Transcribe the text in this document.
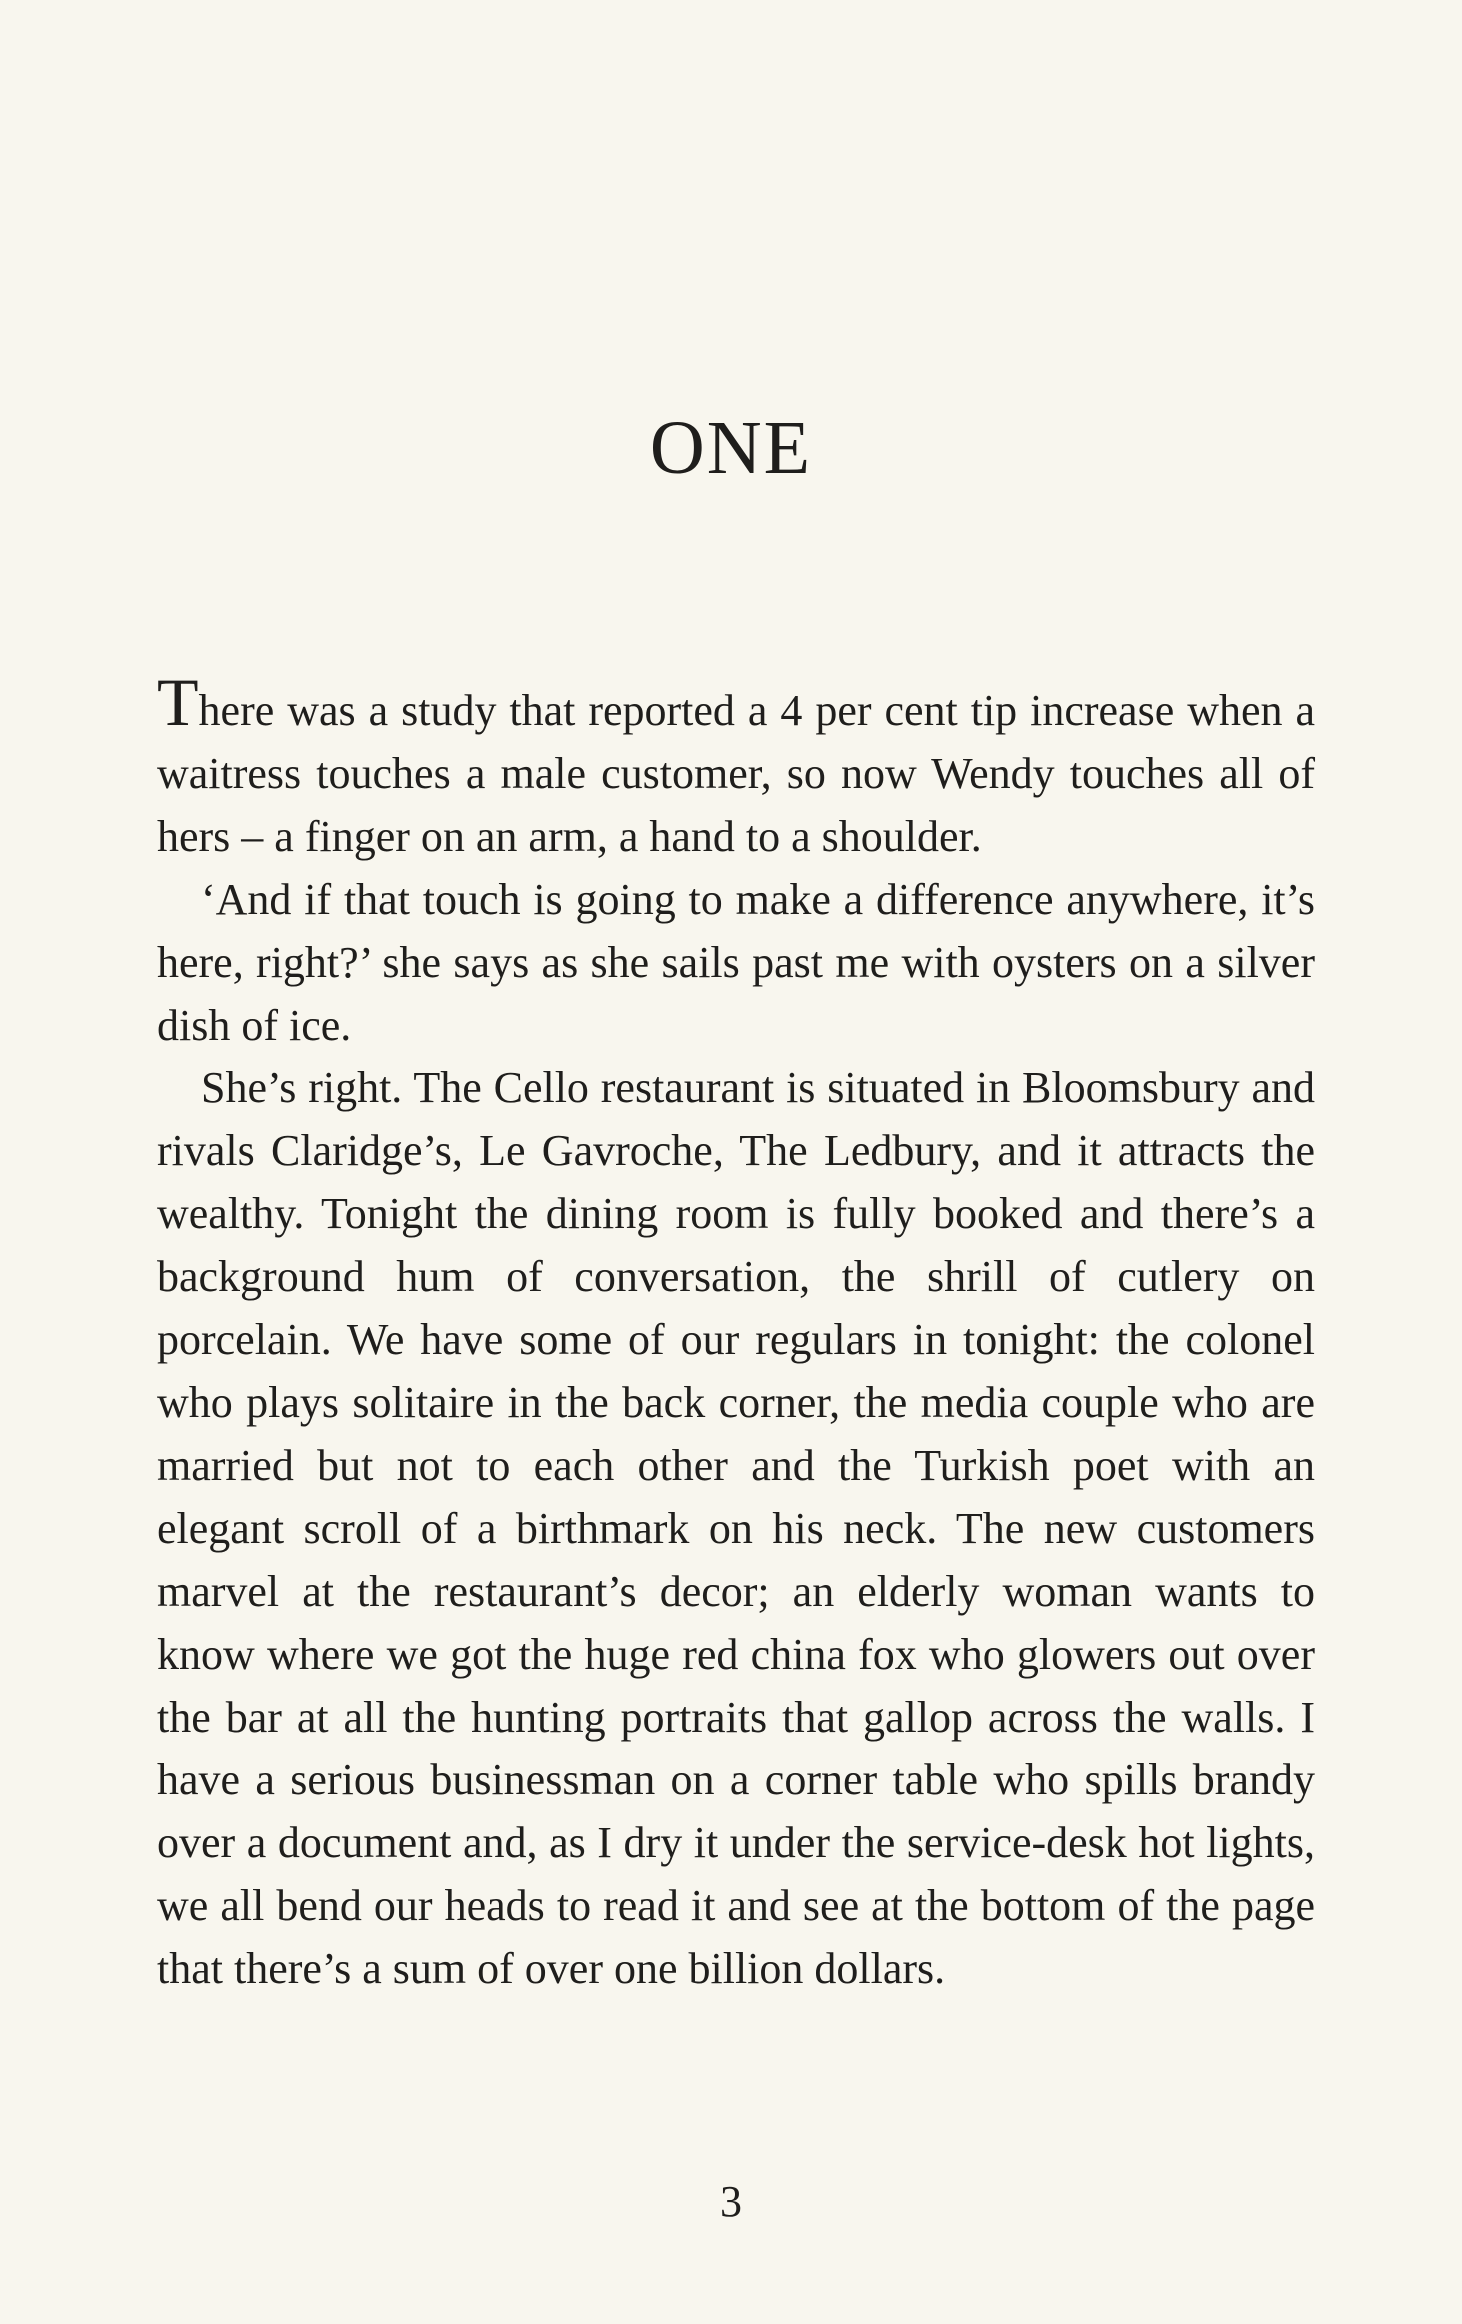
ONE

There was a study that reported a 4 per cent tip increase when a waitress touches a male customer, so now Wendy touches all of hers – a finger on an arm, a hand to a shoulder.

‘And if that touch is going to make a difference anywhere, it’s here, right?’ she says as she sails past me with oysters on a silver dish of ice.

She’s right. The Cello restaurant is situated in Bloomsbury and rivals Claridge’s, Le Gavroche, The Ledbury, and it attracts the wealthy. Tonight the dining room is fully booked and there’s a background hum of conversation, the shrill of cutlery on porcelain. We have some of our regulars in tonight: the colonel who plays solitaire in the back corner, the media couple who are married but not to each other and the Turkish poet with an elegant scroll of a birthmark on his neck. The new customers marvel at the restaurant’s decor; an elderly woman wants to know where we got the huge red china fox who glowers out over the bar at all the hunting portraits that gallop across the walls. I have a serious businessman on a corner table who spills brandy over a document and, as I dry it under the service-desk hot lights, we all bend our heads to read it and see at the bottom of the page that there’s a sum of over one billion dollars.

3
